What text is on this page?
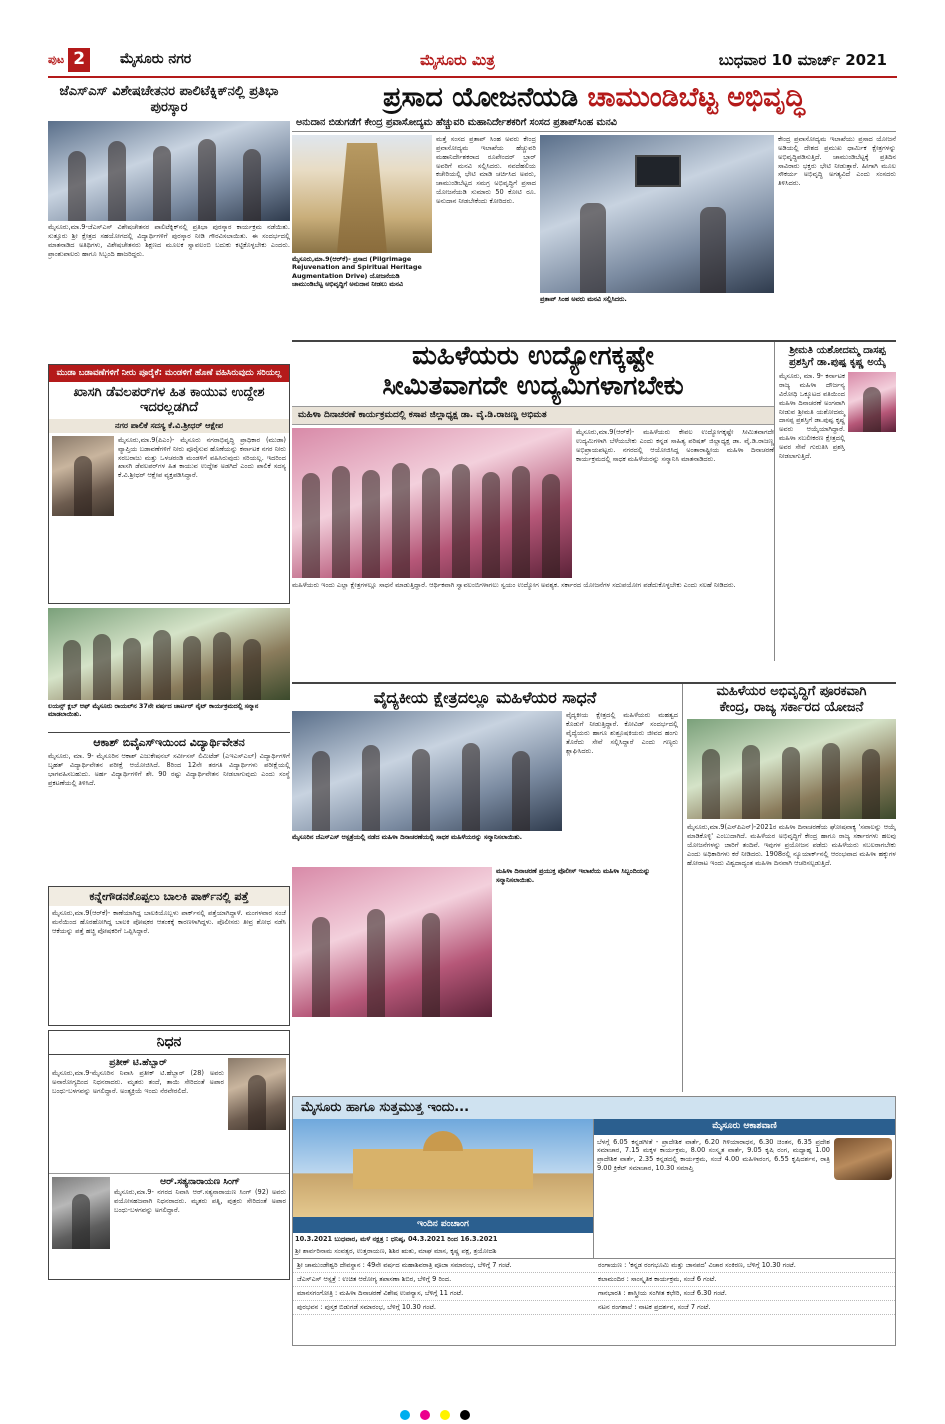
ಪುಟ 2	ಮೈಸೂರು ನಗರ	ಮೈಸೂರು ಮಿತ್ರ	ಬುಧವಾರ 10 ಮಾರ್ಚ್ 2021
ಜೆಎಸ್‌ಎಸ್ ವಿಶೇಷಚೇತನರ ಪಾಲಿಟೆಕ್ನಿಕ್‌ನಲ್ಲಿ ಪ್ರತಿಭಾ ಪುರಸ್ಕಾರ
ಮೈಸೂರು,ಮಾ.9-ಜೆಎಸ್‌ಎಸ್ ವಿಶೇಷಚೇತನರ ಪಾಲಿಟೆಕ್ನಿಕ್‌ನಲ್ಲಿ ಪ್ರತಿಭಾ ಪುರಸ್ಕಾರ ಕಾರ್ಯಕ್ರಮ ನಡೆಯಿತು. ಸುತ್ತೂರು ಶ್ರೀ ಕ್ಷೇತ್ರದ ಸಹಯೋಗದಲ್ಲಿ ವಿದ್ಯಾರ್ಥಿಗಳಿಗೆ ಪುರಸ್ಕಾರ ನೀಡಿ ಗೌರವಿಸಲಾಯಿತು. ಈ ಸಂದರ್ಭದಲ್ಲಿ ಮಾತನಾಡಿದ ಅತಿಥಿಗಳು, ವಿಶೇಷಚೇತನರು ಶಿಕ್ಷಣದ ಮೂಲಕ ಸ್ವಾವಲಂಬಿ ಬದುಕು ಕಟ್ಟಿಕೊಳ್ಳಬೇಕು ಎಂದರು. ಪ್ರಾಂಶುಪಾಲರು ಹಾಗೂ ಸಿಬ್ಬಂದಿ ಹಾಜರಿದ್ದರು.
ಮುಡಾ ಬಡಾವಣೆಗಳಿಗೆ ನೀರು ಪೂರೈಕೆ: ಮಂಡಳಿಗೆ ಹೊಣೆ ವಹಿಸಿರುವುದು ಸರಿಯಲ್ಲ
ಖಾಸಗಿ ಡೆವಲಪರ್‌ಗಳ ಹಿತ ಕಾಯುವ ಉದ್ದೇಶ ಇದರಲ್ಲಡಗಿದೆ
ನಗರ ಪಾಲಿಕೆ ಸದಸ್ಯ ಕೆ.ವಿ.ಶ್ರೀಧರ್ ಆಕ್ಷೇಪ
ಮೈಸೂರು,ಮಾ.9(ಪಿಎಂ)- ಮೈಸೂರು ನಗರಾಭಿವೃದ್ಧಿ ಪ್ರಾಧಿಕಾರ (ಮುಡಾ) ವ್ಯಾಪ್ತಿಯ ಬಡಾವಣೆಗಳಿಗೆ ನೀರು ಪೂರೈಸುವ ಹೊಣೆಯನ್ನು ಕರ್ನಾಟಕ ನಗರ ನೀರು ಸರಬರಾಜು ಮತ್ತು ಒಳಚರಂಡಿ ಮಂಡಳಿಗೆ ವಹಿಸಿರುವುದು ಸರಿಯಲ್ಲ. ಇದರಿಂದ ಖಾಸಗಿ ಡೆವಲಪರ್‌ಗಳ ಹಿತ ಕಾಯುವ ಉದ್ದೇಶ ಅಡಗಿದೆ ಎಂದು ಪಾಲಿಕೆ ಸದಸ್ಯ ಕೆ.ವಿ.ಶ್ರೀಧರ್ ಆಕ್ಷೇಪ ವ್ಯಕ್ತಪಡಿಸಿದ್ದಾರೆ.
ಲಯನ್ಸ್ ಕ್ಲಬ್ ಆಫ್ ಮೈಸೂರು ರಾಯಲ್‌ನ 37ನೇ ವರ್ಷದ ಚಾರ್ಟರ್ ನೈಟ್ ಕಾರ್ಯಕ್ರಮದಲ್ಲಿ ಸನ್ಮಾನ ಮಾಡಲಾಯಿತು.
ಆಕಾಶ್ ಬಿವೈಎಸ್‌ಇಯಿಂದ ವಿದ್ಯಾರ್ಥಿವೇತನ
ಮೈಸೂರು, ಮಾ. 9- ಮೈಸೂರಿನ ಆಕಾಶ್ ಎಜುಕೇಷನಲ್ ಸರ್ವೀಸಸ್ ಲಿಮಿಟೆಡ್ (ಎಇಎಸ್‌ಎಲ್) ವಿದ್ಯಾರ್ಥಿಗಳಿಗೆ ಬೃಹತ್ ವಿದ್ಯಾರ್ಥಿವೇತನ ಪರೀಕ್ಷೆ ಆಯೋಜಿಸಿದೆ. 8ರಿಂದ 12ನೇ ತರಗತಿ ವಿದ್ಯಾರ್ಥಿಗಳು ಪರೀಕ್ಷೆಯಲ್ಲಿ ಭಾಗವಹಿಸಬಹುದು. ಅರ್ಹ ವಿದ್ಯಾರ್ಥಿಗಳಿಗೆ ಶೇ. 90 ರಷ್ಟು ವಿದ್ಯಾರ್ಥಿವೇತನ ನೀಡಲಾಗುವುದು ಎಂದು ಸಂಸ್ಥೆ ಪ್ರಕಟಣೆಯಲ್ಲಿ ತಿಳಿಸಿದೆ.
ಕನ್ನೇಗೌಡನಕೊಪ್ಪಲು ಬಾಲಕಿ ಪಾರ್ಕ್‌ನಲ್ಲಿ ಪತ್ತೆ
ಮೈಸೂರು,ಮಾ.9(ಆರ್‌ಕೆ)- ಕಾಣೆಯಾಗಿದ್ದ ಬಾಲಕಿಯೊಬ್ಬಳು ಪಾರ್ಕ್‌ನಲ್ಲಿ ಪತ್ತೆಯಾಗಿದ್ದಾಳೆ. ಮಂಗಳವಾರ ಸಂಜೆ ಮನೆಯಿಂದ ಹೊರಹೋಗಿದ್ದ ಬಾಲಕಿ ಪೋಷಕರ ಆತಂಕಕ್ಕೆ ಕಾರಣಳಾಗಿದ್ದಳು. ಪೊಲೀಸರು ತೀವ್ರ ಶೋಧ ನಡೆಸಿ ಆಕೆಯನ್ನು ಪತ್ತೆ ಹಚ್ಚಿ ಪೋಷಕರಿಗೆ ಒಪ್ಪಿಸಿದ್ದಾರೆ.
ನಿಧನ
ಪ್ರತೀಕ್ ಟಿ.ಹೆಬ್ಬಾರ್
ಮೈಸೂರು,ಮಾ.9-ಮೈಸೂರಿನ ನಿವಾಸಿ ಪ್ರತೀಕ್ ಟಿ.ಹೆಬ್ಬಾರ್ (28) ಅವರು ಅನಾರೋಗ್ಯದಿಂದ ನಿಧನರಾದರು. ಮೃತರು ತಂದೆ, ತಾಯಿ ಸೇರಿದಂತೆ ಅಪಾರ ಬಂಧು-ಬಳಗವನ್ನು ಅಗಲಿದ್ದಾರೆ. ಅಂತ್ಯಕ್ರಿಯೆ ಇಂದು ನೆರವೇರಲಿದೆ.
ಆರ್.ಸತ್ಯನಾರಾಯಣ ಸಿಂಗ್
ಮೈಸೂರು,ಮಾ.9- ನಗರದ ನಿವಾಸಿ ಆರ್.ಸತ್ಯನಾರಾಯಣ ಸಿಂಗ್ (92) ಅವರು ವಯೋಸಹಜವಾಗಿ ನಿಧನರಾದರು. ಮೃತರು ಪತ್ನಿ, ಪುತ್ರರು ಸೇರಿದಂತೆ ಅಪಾರ ಬಂಧು-ಬಳಗವನ್ನು ಅಗಲಿದ್ದಾರೆ.
ಪ್ರಸಾದ ಯೋಜನೆಯಡಿ ಚಾಮುಂಡಿಬೆಟ್ಟ ಅಭಿವೃದ್ಧಿ
ಅನುದಾನ ಬಿಡುಗಡೆಗೆ ಕೇಂದ್ರ ಪ್ರವಾಸೋದ್ಯಮ ಹೆಚ್ಚುವರಿ ಮಹಾನಿರ್ದೇಶಕರಿಗೆ ಸಂಸದ ಪ್ರತಾಪ್‌ಸಿಂಹ ಮನವಿ
ಮೈಸೂರು,ಮಾ.9(ಆರ್‌ಕೆ)- ಪ್ರಸಾದ (Pilgrimage Rejuvenation and Spiritual Heritage Augmentation Drive) ಯೋಜನೆಯಡಿ ಚಾಮುಂಡಿಬೆಟ್ಟ ಅಭಿವೃದ್ಧಿಗೆ ಅನುದಾನ ನೀಡಲು ಮನವಿ
ಮತ್ತೆ ಸಂಸದ ಪ್ರತಾಪ್ ಸಿಂಹ ಅವರು ಕೇಂದ್ರ ಪ್ರವಾಸೋದ್ಯಮ ಇಲಾಖೆಯ ಹೆಚ್ಚುವರಿ ಮಹಾನಿರ್ದೇಶಕರಾದ ರೂಪೇಂದರ್ ಬ್ರಾರ್ ಅವರಿಗೆ ಮನವಿ ಸಲ್ಲಿಸಿದರು. ನವದೆಹಲಿಯ ಕಚೇರಿಯಲ್ಲಿ ಭೇಟಿ ಮಾಡಿ ಚರ್ಚಿಸಿದ ಅವರು, ಚಾಮುಂಡಿಬೆಟ್ಟದ ಸಮಗ್ರ ಅಭಿವೃದ್ಧಿಗೆ ಪ್ರಸಾದ ಯೋಜನೆಯಡಿ ಸುಮಾರು 50 ಕೋಟಿ ರೂ. ಅನುದಾನ ನೀಡಬೇಕೆಂದು ಕೋರಿದರು.
ಪ್ರತಾಪ್ ಸಿಂಹ ಅವರು ಮನವಿ ಸಲ್ಲಿಸಿದರು.
ಕೇಂದ್ರ ಪ್ರವಾಸೋದ್ಯಮ ಇಲಾಖೆಯು ಪ್ರಸಾದ ಯೋಜನೆ ಅಡಿಯಲ್ಲಿ ದೇಶದ ಪ್ರಮುಖ ಧಾರ್ಮಿಕ ಕ್ಷೇತ್ರಗಳನ್ನು ಅಭಿವೃದ್ಧಿಪಡಿಸುತ್ತಿದೆ. ಚಾಮುಂಡಿಬೆಟ್ಟಕ್ಕೆ ಪ್ರತಿದಿನ ಸಾವಿರಾರು ಭಕ್ತರು ಭೇಟಿ ನೀಡುತ್ತಾರೆ. ಹೀಗಾಗಿ ಮೂಲ ಸೌಕರ್ಯ ಅಭಿವೃದ್ಧಿ ಅಗತ್ಯವಿದೆ ಎಂದು ಸಂಸದರು ತಿಳಿಸಿದರು.
ಮಹಿಳೆಯರು ಉದ್ಯೋಗಕ್ಕಷ್ಟೇ
ಸೀಮಿತವಾಗದೇ ಉದ್ಯಮಿಗಳಾಗಬೇಕು
ಮಹಿಳಾ ದಿನಾಚರಣೆ ಕಾರ್ಯಕ್ರಮದಲ್ಲಿ ಕಸಾಪ ಜಿಲ್ಲಾಧ್ಯಕ್ಷ ಡಾ. ವೈ.ಡಿ.ರಾಜಣ್ಣ ಅಭಿಮತ
ಮೈಸೂರು,ಮಾ.9(ಆರ್‌ಕೆ)- ಮಹಿಳೆಯರು ಕೇವಲ ಉದ್ಯೋಗಕ್ಕಷ್ಟೇ ಸೀಮಿತವಾಗದೇ ಉದ್ಯಮಿಗಳಾಗಿ ಬೆಳೆಯಬೇಕು ಎಂದು ಕನ್ನಡ ಸಾಹಿತ್ಯ ಪರಿಷತ್ ಜಿಲ್ಲಾಧ್ಯಕ್ಷ ಡಾ. ವೈ.ಡಿ.ರಾಜಣ್ಣ ಅಭಿಪ್ರಾಯಪಟ್ಟರು. ನಗರದಲ್ಲಿ ಆಯೋಜಿಸಿದ್ದ ಅಂತಾರಾಷ್ಟ್ರೀಯ ಮಹಿಳಾ ದಿನಾಚರಣೆ ಕಾರ್ಯಕ್ರಮದಲ್ಲಿ ಸಾಧಕ ಮಹಿಳೆಯರನ್ನು ಸನ್ಮಾನಿಸಿ ಮಾತನಾಡಿದರು.
ಮಹಿಳೆಯರು ಇಂದು ಎಲ್ಲಾ ಕ್ಷೇತ್ರಗಳಲ್ಲೂ ಸಾಧನೆ ಮಾಡುತ್ತಿದ್ದಾರೆ. ಆರ್ಥಿಕವಾಗಿ ಸ್ವಾವಲಂಬಿಗಳಾಗಲು ಸ್ವಯಂ ಉದ್ಯೋಗ ಅವಶ್ಯಕ. ಸರ್ಕಾರದ ಯೋಜನೆಗಳ ಸದುಪಯೋಗ ಪಡೆದುಕೊಳ್ಳಬೇಕು ಎಂದು ಸಲಹೆ ನೀಡಿದರು.
ಶ್ರೀಮತಿ ಯಶೋದಮ್ಮ ದಾಸಪ್ಪ ಪ್ರಶಸ್ತಿಗೆ ಡಾ.ಪುಷ್ಪ ಕೃಷ್ಣ ಅಯ್ಕೆ
ಮೈಸೂರು, ಮಾ. 9- ಕರ್ನಾಟಕ ರಾಜ್ಯ ಮಹಿಳಾ ದೌರ್ಜನ್ಯ ವಿರೋಧಿ ಒಕ್ಕೂಟದ ವತಿಯಿಂದ ಮಹಿಳಾ ದಿನಾಚರಣೆ ಅಂಗವಾಗಿ ನೀಡುವ ಶ್ರೀಮತಿ ಯಶೋದಮ್ಮ ದಾಸಪ್ಪ ಪ್ರಶಸ್ತಿಗೆ ಡಾ.ಪುಷ್ಪ ಕೃಷ್ಣ ಅವರು ಆಯ್ಕೆಯಾಗಿದ್ದಾರೆ. ಮಹಿಳಾ ಸಬಲೀಕರಣ ಕ್ಷೇತ್ರದಲ್ಲಿ ಅವರ ಸೇವೆ ಗುರುತಿಸಿ ಪ್ರಶಸ್ತಿ ನೀಡಲಾಗುತ್ತಿದೆ.
ವೈದ್ಯಕೀಯ ಕ್ಷೇತ್ರದಲ್ಲೂ ಮಹಿಳೆಯರ ಸಾಧನೆ
ಮೈಸೂರಿನ ಜೆಎಸ್‌ಎಸ್ ಆಸ್ಪತ್ರೆಯಲ್ಲಿ ನಡೆದ ಮಹಿಳಾ ದಿನಾಚರಣೆಯಲ್ಲಿ ಸಾಧಕ ಮಹಿಳೆಯರನ್ನು ಸನ್ಮಾನಿಸಲಾಯಿತು.
ವೈದ್ಯಕೀಯ ಕ್ಷೇತ್ರದಲ್ಲಿ ಮಹಿಳೆಯರು ಮಹತ್ವದ ಕೊಡುಗೆ ನೀಡುತ್ತಿದ್ದಾರೆ. ಕೋವಿಡ್ ಸಂದರ್ಭದಲ್ಲಿ ವೈದ್ಯೆಯರು ಹಾಗೂ ಶುಶ್ರೂಷಕಿಯರು ಜೀವದ ಹಂಗು ತೊರೆದು ಸೇವೆ ಸಲ್ಲಿಸಿದ್ದಾರೆ ಎಂದು ಗಣ್ಯರು ಶ್ಲಾಘಿಸಿದರು.
ಮಹಿಳಾ ದಿನಾಚರಣೆ ಪ್ರಯುಕ್ತ ಪೊಲೀಸ್ ಇಲಾಖೆಯ ಮಹಿಳಾ ಸಿಬ್ಬಂದಿಯನ್ನು ಸನ್ಮಾನಿಸಲಾಯಿತು.
ಮಹಿಳೆಯರ ಅಭಿವೃದ್ಧಿಗೆ ಪೂರಕವಾಗಿ
ಕೇಂದ್ರ, ರಾಜ್ಯ ಸರ್ಕಾರದ ಯೋಜನೆ
ಮೈಸೂರು,ಮಾ.9(ಎಸ್‌ಪಿಎನ್)-2021ರ ಮಹಿಳಾ ದಿನಾಚರಣೆಯ ಘೋಷವಾಕ್ಯ 'ಸವಾಲನ್ನು ಆಯ್ಕೆ ಮಾಡಿಕೊಳ್ಳಿ' ಎಂಬುದಾಗಿದೆ. ಮಹಿಳೆಯರ ಅಭಿವೃದ್ಧಿಗೆ ಕೇಂದ್ರ ಹಾಗೂ ರಾಜ್ಯ ಸರ್ಕಾರಗಳು ಹಲವು ಯೋಜನೆಗಳನ್ನು ಜಾರಿಗೆ ತಂದಿವೆ. ಇವುಗಳ ಪ್ರಯೋಜನ ಪಡೆದು ಮಹಿಳೆಯರು ಸಬಲರಾಗಬೇಕು ಎಂದು ಅಧಿಕಾರಿಗಳು ಕರೆ ನೀಡಿದರು. 1908ರಲ್ಲಿ ನ್ಯೂಯಾರ್ಕ್‌ನಲ್ಲಿ ಆರಂಭವಾದ ಮಹಿಳಾ ಹಕ್ಕುಗಳ ಹೋರಾಟ ಇಂದು ವಿಶ್ವದಾದ್ಯಂತ ಮಹಿಳಾ ದಿನವಾಗಿ ಆಚರಿಸಲ್ಪಡುತ್ತಿದೆ.
ಮೈಸೂರು ಹಾಗೂ ಸುತ್ತಮುತ್ತ ಇಂದು...
ಇಂದಿನ ಪಂಚಾಂಗ
10.3.2021 ಬುಧವಾರ, ಮಳೆ ನಕ್ಷತ್ರ : ಧನಿಷ್ಠ, 04.3.2021 ರಿಂದ 16.3.2021
ಶ್ರೀ ಶಾರ್ವರಿನಾಮ ಸಂವತ್ಸರ, ಉತ್ತರಾಯಣ, ಶಿಶಿರ ಋತು, ಮಾಘ ಮಾಸ, ಕೃಷ್ಣ ಪಕ್ಷ, ತ್ರಯೋದಶಿ
ಮೈಸೂರು ಆಕಾಶವಾಣಿ
ಬೆಳಗ್ಗೆ 6.05 ಕನ್ನಡಗೀತೆ - ಪ್ರಾದೇಶಿಕ ವಾರ್ತೆ, 6.20 ಗಿಳಿಯಾರಾಧನ, 6.30 ಚಿಂತನ, 6.35 ಪ್ರದೇಶ ಸಮಾಚಾರ, 7.15 ಮಕ್ಕಳ ಕಾರ್ಯಕ್ರಮ, 8.00 ಸಂಸ್ಕೃತ ವಾರ್ತೆ, 9.05 ಕೃಷಿ ರಂಗ, ಮಧ್ಯಾಹ್ನ 1.00 ಪ್ರಾದೇಶಿಕ ವಾರ್ತೆ, 2.35 ಕನ್ನಡದಲ್ಲಿ ಕಾರ್ಯಕ್ರಮ, ಸಂಜೆ 4.00 ಮಹಿಳಾರಂಗ, 6.55 ಕೃಷಿದರ್ಶನ, ರಾತ್ರಿ 9.00 ಕ್ರಿಕೆಟ್ ಸಮಾಚಾರ, 10.30 ಸಮಾಪ್ತಿ
ಶ್ರೀ ಚಾಮುಂಡೇಶ್ವರಿ ದೇವಸ್ಥಾನ : 49ನೇ ವರ್ಷದ ಮಹಾಶಿವರಾತ್ರಿ ಪೂಜಾ ಸಮಾರಂಭ, ಬೆಳಿಗ್ಗೆ 7 ಗಂಟೆ.	ರಂಗಾಯಣ : 'ಕನ್ನಡ ರಂಗಭೂಮಿ ಮತ್ತು ಜಾನಪದ' ವಿಚಾರ ಸಂಕಿರಣ, ಬೆಳಿಗ್ಗೆ 10.30 ಗಂಟೆ.
ಜೆಎಸ್‌ಎಸ್ ಆಸ್ಪತ್ರೆ : ಉಚಿತ ಆರೋಗ್ಯ ತಪಾಸಣಾ ಶಿಬಿರ, ಬೆಳಿಗ್ಗೆ 9 ರಿಂದ.	ಕಲಾಮಂದಿರ : ಸಾಂಸ್ಕೃತಿಕ ಕಾರ್ಯಕ್ರಮ, ಸಂಜೆ 6 ಗಂಟೆ.
ಮಾನಸಗಂಗೋತ್ರಿ : ಮಹಿಳಾ ದಿನಾಚರಣೆ ವಿಶೇಷ ಉಪನ್ಯಾಸ, ಬೆಳಿಗ್ಗೆ 11 ಗಂಟೆ.	ಗಾನಭಾರತಿ : ಶಾಸ್ತ್ರೀಯ ಸಂಗೀತ ಕಛೇರಿ, ಸಂಜೆ 6.30 ಗಂಟೆ.
ಪುರಭವನ : ಪುಸ್ತಕ ಬಿಡುಗಡೆ ಸಮಾರಂಭ, ಬೆಳಿಗ್ಗೆ 10.30 ಗಂಟೆ.	ನಟನ ರಂಗಶಾಲೆ : ನಾಟಕ ಪ್ರದರ್ಶನ, ಸಂಜೆ 7 ಗಂಟೆ.
